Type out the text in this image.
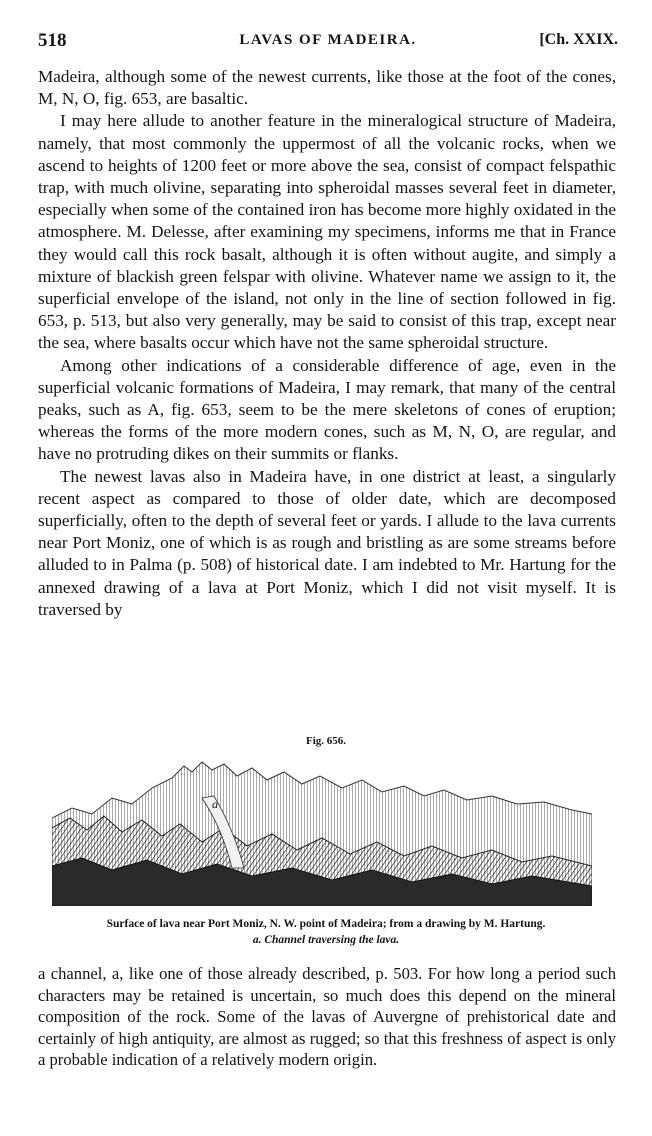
518	LAVAS OF MADEIRA.	[Ch. XXIX.

Madeira, although some of the newest currents, like those at the foot of the cones, M, N, O, fig. 653, are basaltic.

I may here allude to another feature in the mineralogical structure of Madeira, namely, that most commonly the uppermost of all the volcanic rocks, when we ascend to heights of 1200 feet or more above the sea, consist of compact felspathic trap, with much olivine, separating into spheroidal masses several feet in diameter, especially when some of the contained iron has become more highly oxidated in the atmosphere. M. Delesse, after examining my specimens, informs me that in France they would call this rock basalt, although it is often without augite, and simply a mixture of blackish green felspar with olivine. Whatever name we assign to it, the superficial envelope of the island, not only in the line of section followed in fig. 653, p. 513, but also very generally, may be said to consist of this trap, except near the sea, where basalts occur which have not the same spheroidal structure.

Among other indications of a considerable difference of age, even in the superficial volcanic formations of Madeira, I may remark, that many of the central peaks, such as A, fig. 653, seem to be the mere skeletons of cones of eruption; whereas the forms of the more modern cones, such as M, N, O, are regular, and have no protruding dikes on their summits or flanks.

The newest lavas also in Madeira have, in one district at least, a singularly recent aspect as compared to those of older date, which are decomposed superficially, often to the depth of several feet or yards. I allude to the lava currents near Port Moniz, one of which is as rough and bristling as are some streams before alluded to in Palma (p. 508) of historical date. I am indebted to Mr. Hartung for the annexed drawing of a lava at Port Moniz, which I did not visit myself. It is traversed by

Fig. 656.
a
Surface of lava near Port Moniz, N. W. point of Madeira; from a drawing by M. Hartung.
a. Channel traversing the lava.

a channel, a, like one of those already described, p. 503. For how long a period such characters may be retained is uncertain, so much does this depend on the mineral composition of the rock. Some of the lavas of Auvergne of prehistorical date and certainly of high antiquity, are almost as rugged; so that this freshness of aspect is only a probable indication of a relatively modern origin.
